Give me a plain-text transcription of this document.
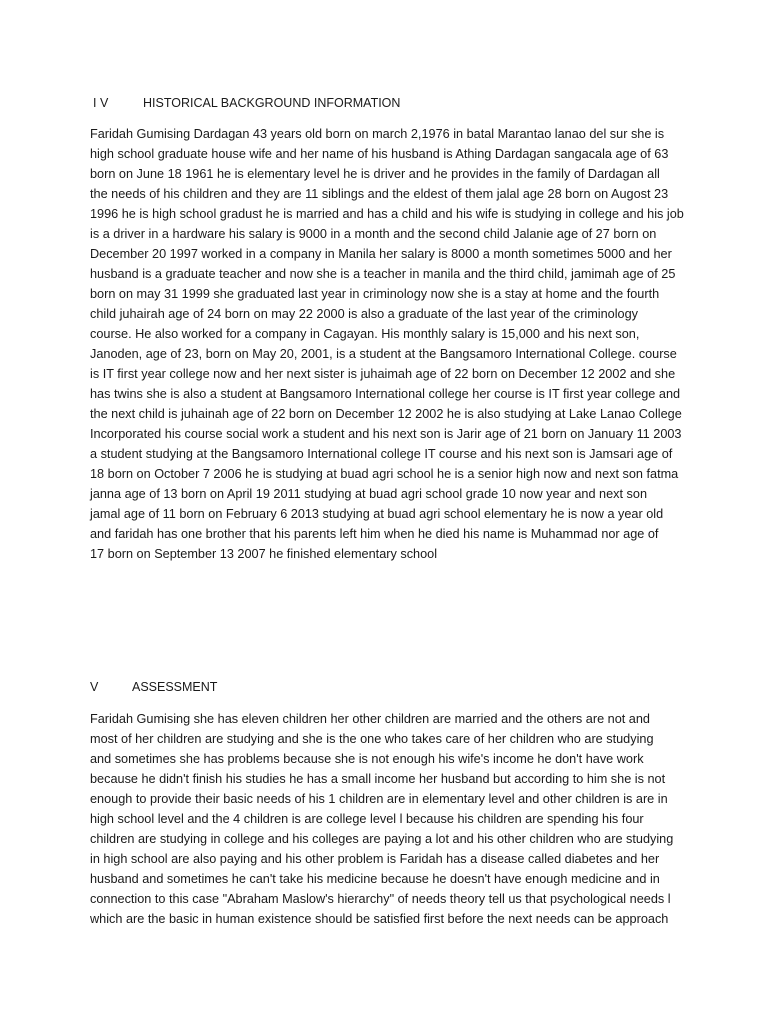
I V

	HISTORICAL BACKGROUND INFORMATION

Faridah Gumising Dardagan 43 years old born on march 2,1976 in batal Marantao lanao del sur she is
high school graduate house wife and her name of his husband is Athing Dardagan sangacala age of 63
born on June 18 1961 he is elementary level he is driver and he provides in the family of Dardagan all
the needs of his children and they are 11 siblings and the eldest of them jalal age 28 born on Augost 23
1996 he is high school gradust he is married and has a child and his wife is studying in college and his job
is a driver in a hardware his salary is 9000 in a month and the second child Jalanie age of 27 born on
December 20 1997 worked in a company in Manila her salary is 8000 a month sometimes 5000 and her
husband is a graduate teacher and now she is a teacher in manila and the third child, jamimah age of 25
born on may 31 1999 she graduated last year in criminology now she is a stay at home and the fourth
child juhairah age of 24 born on may 22 2000 is also a graduate of the last year of the criminology
course. He also worked for a company in Cagayan. His monthly salary is 15,000 and his next son,
Janoden, age of 23, born on May 20, 2001, is a student at the Bangsamoro International College. course
is IT first year college now and her next sister is juhaimah age of 22 born on December 12 2002 and she
has twins she is also a student at Bangsamoro International college her course is IT first year college and
the next child is juhainah age of 22 born on December 12 2002 he is also studying at Lake Lanao College
Incorporated his course social work a student and his next son is Jarir age of 21 born on January 11 2003
a student studying at the Bangsamoro International college IT course and his next son is Jamsari age of
18 born on October 7 2006 he is studying at buad agri school he is a senior high now and next son fatma
janna age of 13 born on April 19 2011 studying at buad agri school grade 10 now year and next son
jamal age of 11 born on February 6 2013 studying at buad agri school elementary he is now a year old
and faridah has one brother that his parents left him when he died his name is Muhammad nor age of
17 born on September 13 2007 he finished elementary school

V

	ASSESSMENT

Faridah Gumising she has eleven children her other children are married and the others are not and
most of her children are studying and she is the one who takes care of her children who are studying
and sometimes she has problems because she is not enough his wife's income he don't have work
because he didn't finish his studies he has a small income her husband but according to him she is not
enough to provide their basic needs of his 1 children are in elementary level and other children is are in
high school level and the 4 children is are college level l because his children are spending his four
children are studying in college and his colleges are paying a lot and his other children who are studying
in high school are also paying and his other problem is Faridah has a disease called diabetes and her
husband and sometimes he can't take his medicine because he doesn't have enough medicine and in
connection to this case "Abraham Maslow's hierarchy" of needs theory tell us that psychological needs l
which are the basic in human existence should be satisfied first before the next needs can be approach
